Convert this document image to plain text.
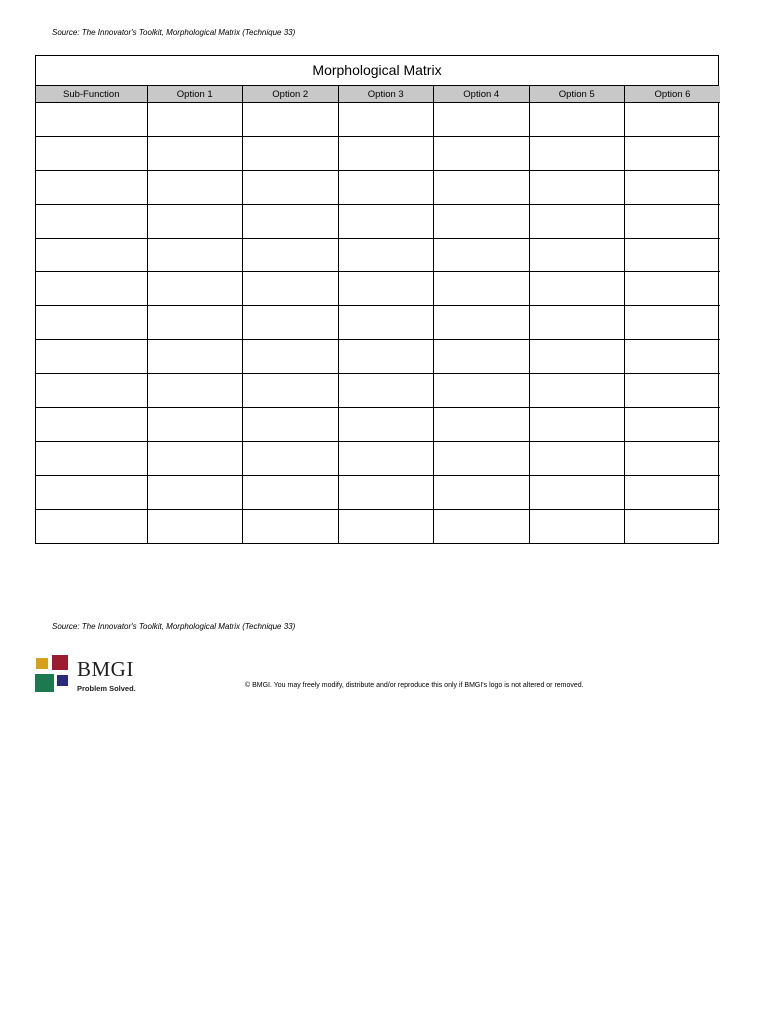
Source: The Innovator's Toolkit, Morphological Matrix (Technique 33)
Morphological Matrix
Sub-Function	Option 1	Option 2	Option 3	Option 4	Option 5	Option 6

Source: The Innovator's Toolkit, Morphological Matrix (Technique 33)
BMGI
Problem Solved.	© BMGI. You may freely modify, distribute and/or reproduce this only if BMGI's logo is not altered or removed.
